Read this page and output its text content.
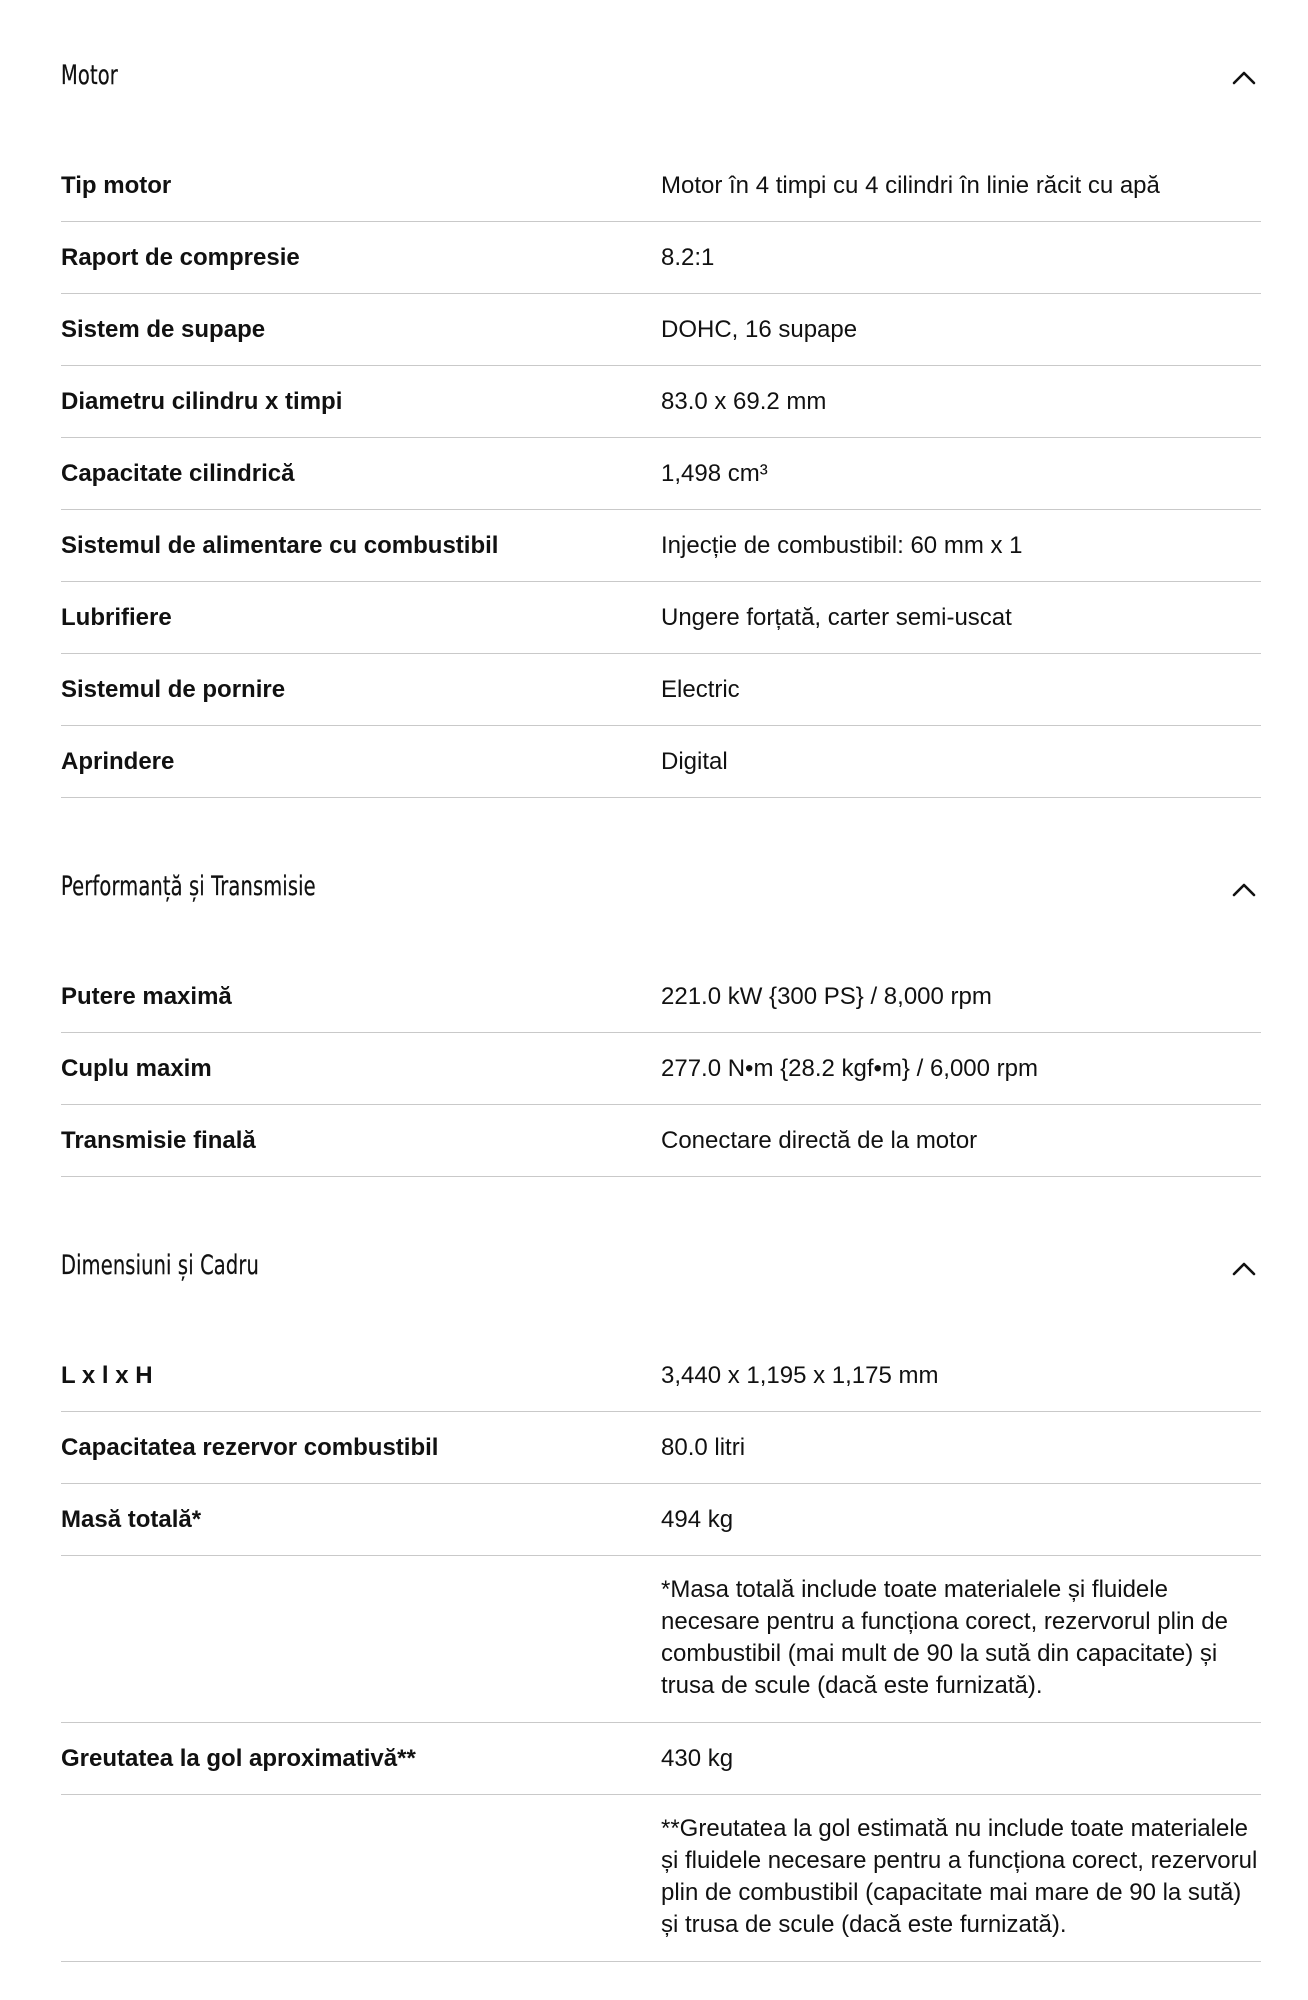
Motor
Tip motor	Motor în 4 timpi cu 4 cilindri în linie răcit cu apă
Raport de compresie	8.2:1
Sistem de supape	DOHC, 16 supape
Diametru cilindru x timpi	83.0 x 69.2 mm
Capacitate cilindrică	1,498 cm³
Sistemul de alimentare cu combustibil	Injecție de combustibil: 60 mm x 1
Lubrifiere	Ungere forțată, carter semi-uscat
Sistemul de pornire	Electric
Aprindere	Digital
Performanță și Transmisie
Putere maximă	221.0 kW {300 PS} / 8,000 rpm
Cuplu maxim	277.0 N•m {28.2 kgf•m} / 6,000 rpm
Transmisie finală	Conectare directă de la motor
Dimensiuni și Cadru
L x l x H	3,440 x 1,195 x 1,175 mm
Capacitatea rezervor combustibil	80.0 litri
Masă totală*	494 kg
*Masa totală include toate materialele și fluidele necesare pentru a funcționa corect, rezervorul plin de combustibil (mai mult de 90 la sută din capacitate) și trusa de scule (dacă este furnizată).
Greutatea la gol aproximativă**	430 kg
**Greutatea la gol estimată nu include toate materialele și fluidele necesare pentru a funcționa corect, rezervorul plin de combustibil (capacitate mai mare de 90 la sută) și trusa de scule (dacă este furnizată).
